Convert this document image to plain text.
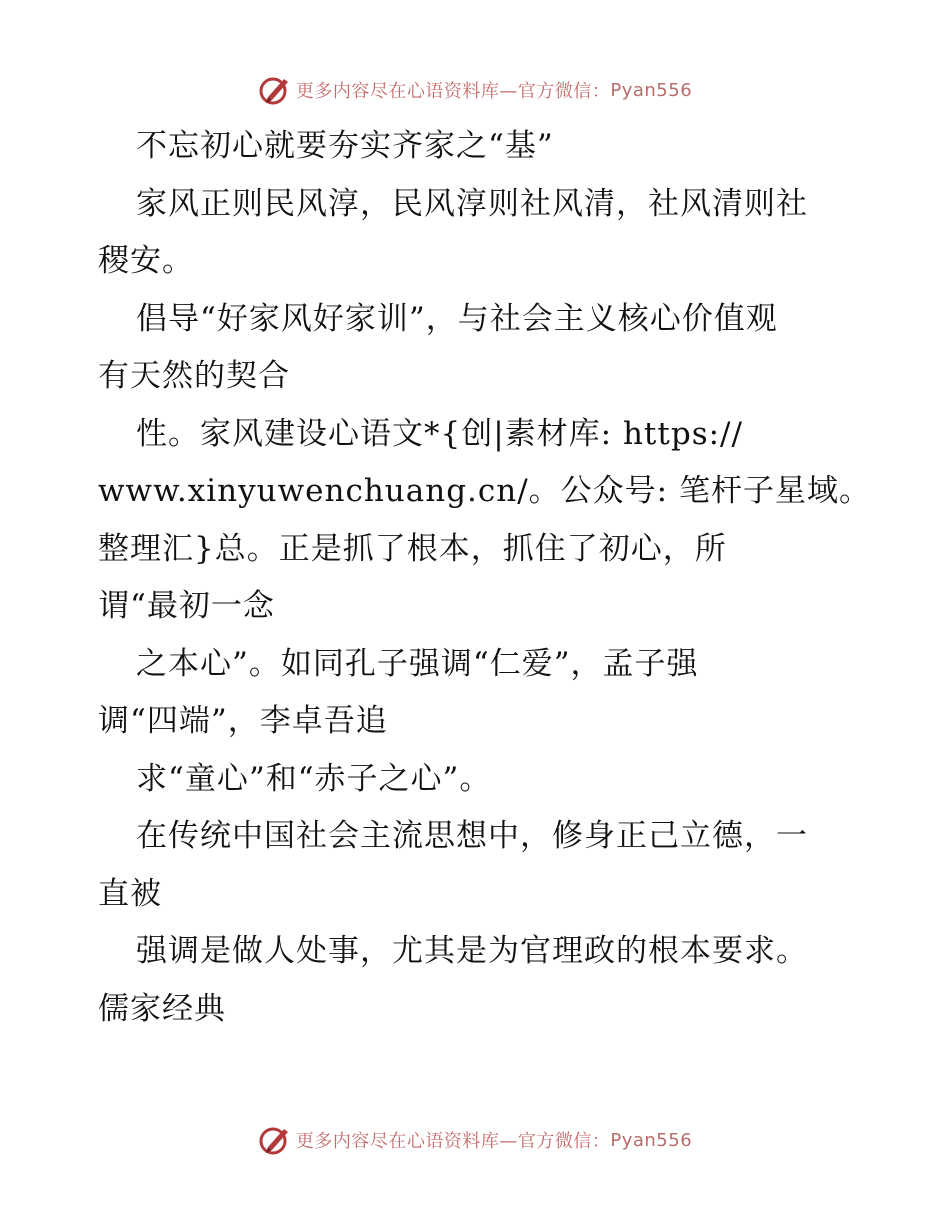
更多内容尽在心语资料库—官方微信： Pyan556

不忘初心就要夯实齐家之“基”

家风正则民风淳，民风淳则社风清，社风清则社

稷安。

倡导“好家风好家训”，与社会主义核心价值观

有天然的契合

性。家风建设心语文*{创|素材库: https://

www.xinyuwenchuang.cn/。公众号: 笔杆子星域。

整理汇}总。正是抓了根本，抓住了初心，所

谓“最初一念

之本心”。如同孔子强调“仁爱”，孟子强

调“四端”，李卓吾追

求“童心”和“赤子之心”。

在传统中国社会主流思想中，修身正己立德，一

直被

强调是做人处事，尤其是为官理政的根本要求。

儒家经典

更多内容尽在心语资料库—官方微信： Pyan556
